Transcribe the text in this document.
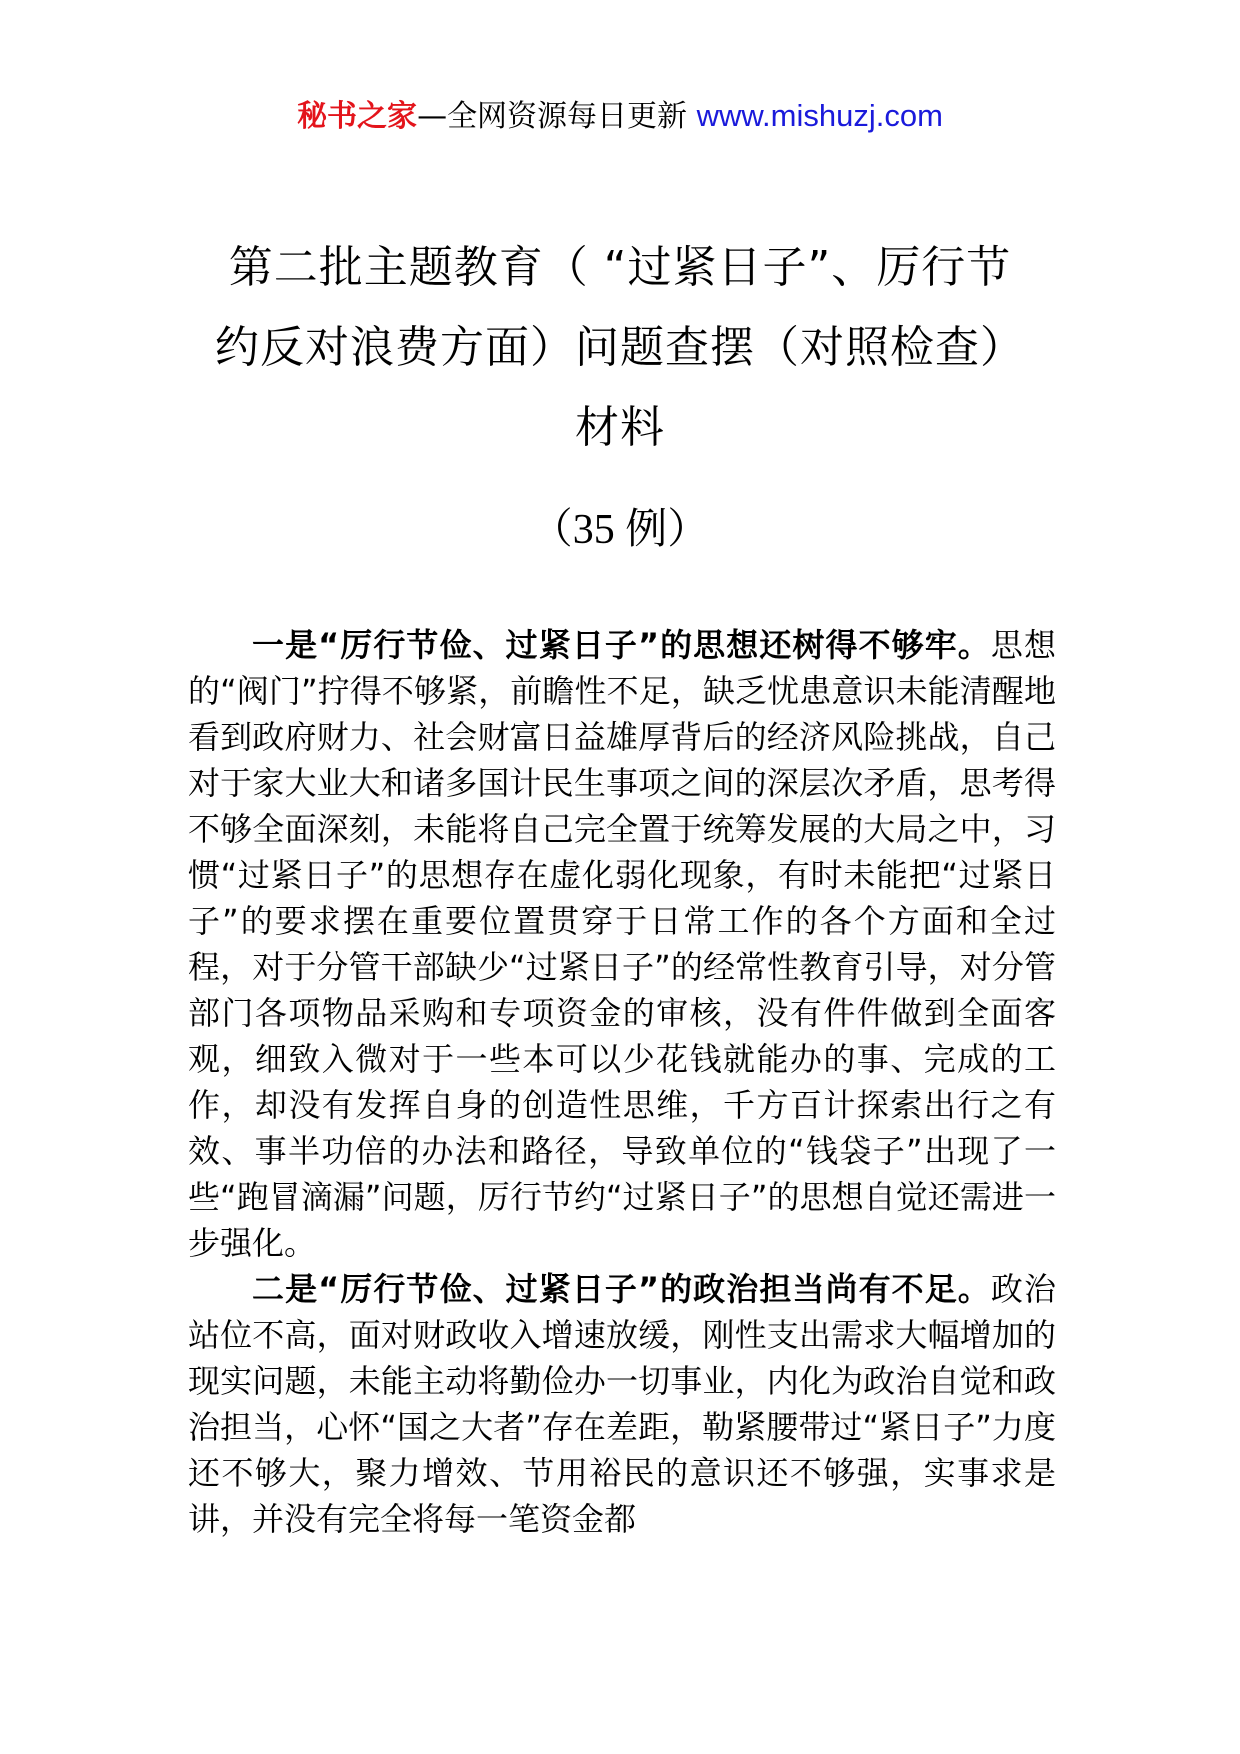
秘书之家—全网资源每日更新 www.mishuzj.com
第二批主题教育（ “过紧日子”、厉行节
约反对浪费方面）问题查摆（对照检查）
材料
（35 例）

一是“厉行节俭、过紧日子”的思想还树得不够牢。思想的“阀门”拧得不够紧，前瞻性不足，缺乏忧患意识未能清醒地看到政府财力、社会财富日益雄厚背后的经济风险挑战，自己对于家大业大和诸多国计民生事项之间的深层次矛盾，思考得不够全面深刻，未能将自己完全置于统筹发展的大局之中，习惯“过紧日子”的思想存在虚化弱化现象，有时未能把“过紧日子”的要求摆在重要位置贯穿于日常工作的各个方面和全过程，对于分管干部缺少“过紧日子”的经常性教育引导，对分管部门各项物品采购和专项资金的审核，没有件件做到全面客观，细致入微对于一些本可以少花钱就能办的事、完成的工作，却没有发挥自身的创造性思维，千方百计探索出行之有效、事半功倍的办法和路径，导致单位的“钱袋子”出现了一些“跑冒滴漏”问题，厉行节约“过紧日子”的思想自觉还需进一步强化。

二是“厉行节俭、过紧日子”的政治担当尚有不足。政治站位不高，面对财政收入增速放缓，刚性支出需求大幅增加的现实问题，未能主动将勤俭办一切事业，内化为政治自觉和政治担当，心怀“国之大者”存在差距，勒紧腰带过“紧日子”力度还不够大，聚力增效、节用裕民的意识还不够强，实事求是讲，并没有完全将每一笔资金都
